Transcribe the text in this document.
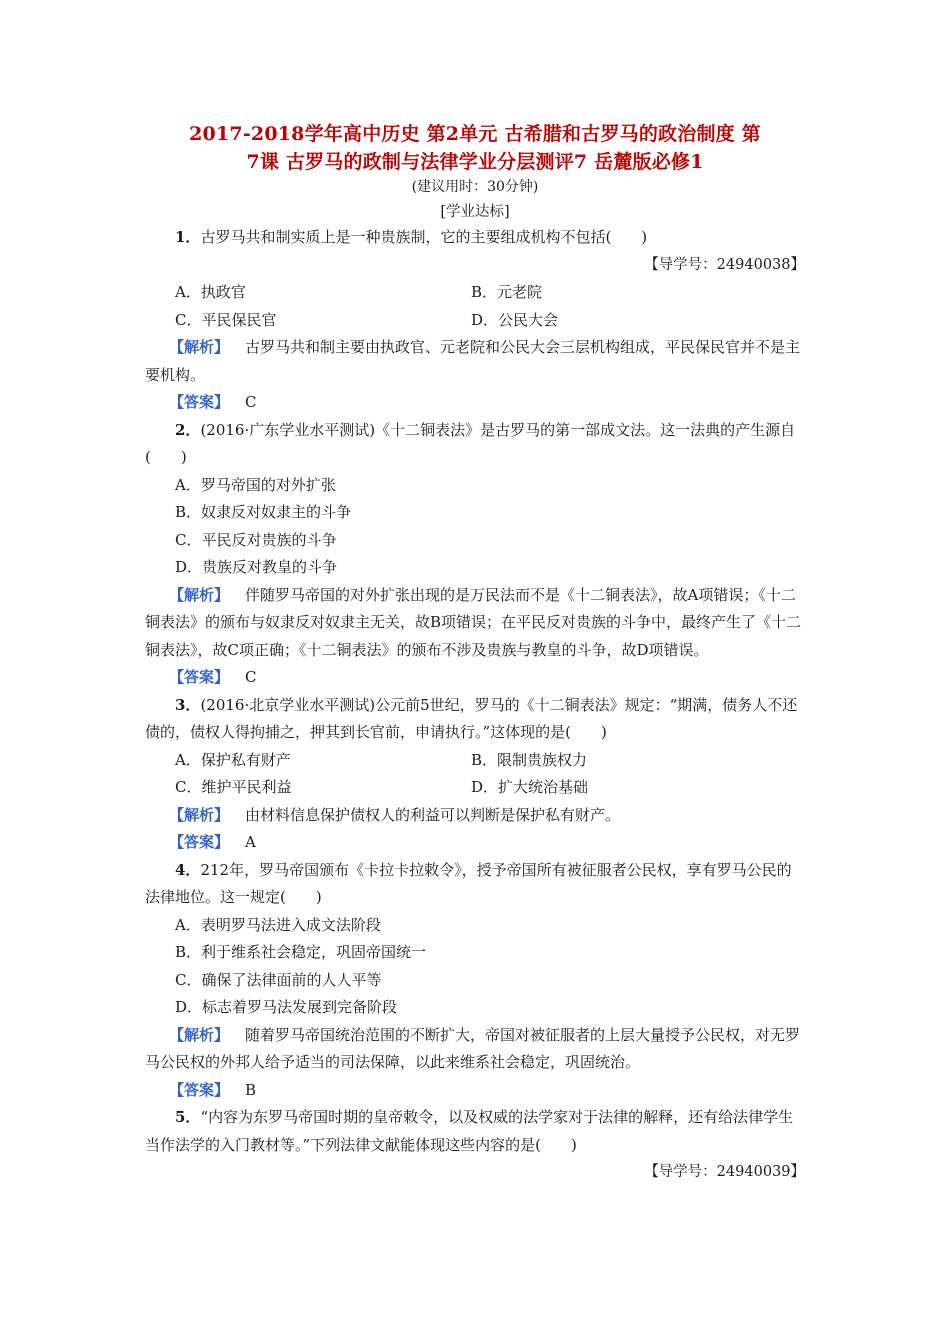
2017-2018学年高中历史 第2单元 古希腊和古罗马的政治制度 第
7课 古罗马的政制与法律学业分层测评7 岳麓版必修1
(建议用时：30分钟)
[学业达标]
1．古罗马共和制实质上是一种贵族制，它的主要组成机构不包括(　　)
【导学号：24940038】
A．执政官	B．元老院
C．平民保民官	D．公民大会
【解析】 古罗马共和制主要由执政官、元老院和公民大会三层机构组成，平民保民官并不是主要机构。
【答案】 C
2．(2016·广东学业水平测试)《十二铜表法》是古罗马的第一部成文法。这一法典的产生源自(　　)
A．罗马帝国的对外扩张
B．奴隶反对奴隶主的斗争
C．平民反对贵族的斗争
D．贵族反对教皇的斗争
【解析】 伴随罗马帝国的对外扩张出现的是万民法而不是《十二铜表法》，故A项错误；《十二铜表法》的颁布与奴隶反对奴隶主无关，故B项错误；在平民反对贵族的斗争中，最终产生了《十二铜表法》，故C项正确；《十二铜表法》的颁布不涉及贵族与教皇的斗争，故D项错误。
【答案】 C
3．(2016·北京学业水平测试)公元前5世纪，罗马的《十二铜表法》规定：“期满，债务人不还债的，债权人得拘捕之，押其到长官前，申请执行。”这体现的是(　　)
A．保护私有财产	B．限制贵族权力
C．维护平民利益	D．扩大统治基础
【解析】 由材料信息保护债权人的利益可以判断是保护私有财产。
【答案】 A
4．212年，罗马帝国颁布《卡拉卡拉敕令》，授予帝国所有被征服者公民权，享有罗马公民的法律地位。这一规定(　　)
A．表明罗马法进入成文法阶段
B．利于维系社会稳定，巩固帝国统一
C．确保了法律面前的人人平等
D．标志着罗马法发展到完备阶段
【解析】 随着罗马帝国统治范围的不断扩大，帝国对被征服者的上层大量授予公民权，对无罗马公民权的外邦人给予适当的司法保障，以此来维系社会稳定，巩固统治。
【答案】 B
5．“内容为东罗马帝国时期的皇帝敕令，以及权威的法学家对于法律的解释，还有给法律学生当作法学的入门教材等。”下列法律文献能体现这些内容的是(　　)
【导学号：24940039】
